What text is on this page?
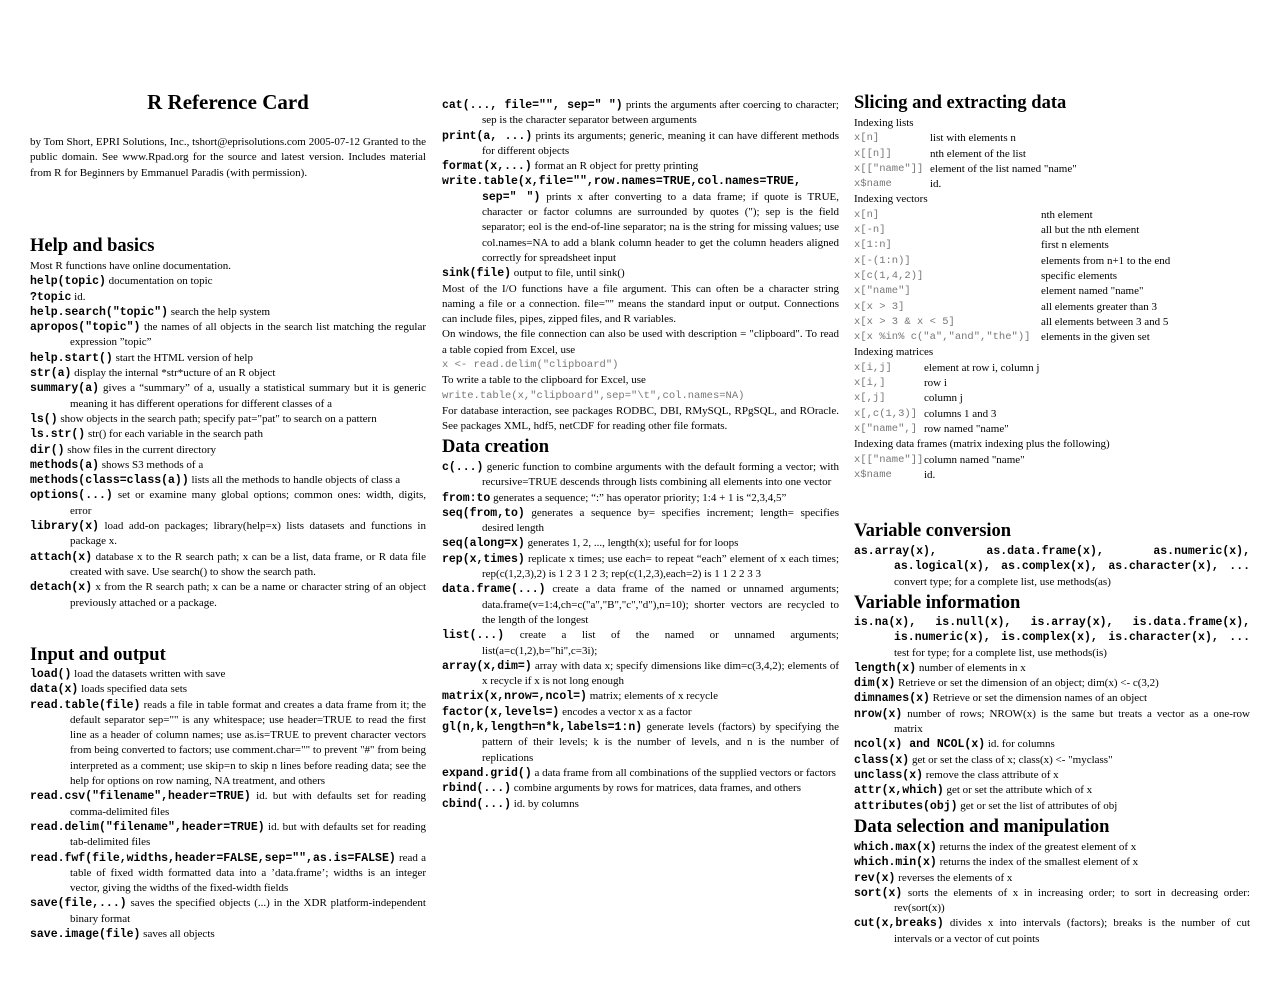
R Reference Card
by Tom Short, EPRI Solutions, Inc., tshort@eprisolutions.com 2005-07-12 Granted to the public domain. See www.Rpad.org for the source and latest version. Includes material from R for Beginners by Emmanuel Paradis (with permission).
Help and basics
Most R functions have online documentation.
help(topic) documentation on topic
?topic id.
help.search("topic") search the help system
apropos("topic") the names of all objects in the search list matching the regular expression ”topic”
help.start() start the HTML version of help
str(a) display the internal *str*ucture of an R object
summary(a) gives a “summary” of a, usually a statistical summary but it is generic meaning it has different operations for different classes of a
ls() show objects in the search path; specify pat="pat" to search on a pattern
ls.str() str() for each variable in the search path
dir() show files in the current directory
methods(a) shows S3 methods of a
methods(class=class(a)) lists all the methods to handle objects of class a
options(...) set or examine many global options; common ones: width, digits, error
library(x) load add-on packages; library(help=x) lists datasets and functions in package x.
attach(x) database x to the R search path; x can be a list, data frame, or R data file created with save. Use search() to show the search path.
detach(x) x from the R search path; x can be a name or character string of an object previously attached or a package.
Input and output
load() load the datasets written with save
data(x) loads specified data sets
read.table(file) reads a file in table format and creates a data frame from it; the default separator sep="" is any whitespace; use header=TRUE to read the first line as a header of column names; use as.is=TRUE to prevent character vectors from being converted to factors; use comment.char="" to prevent "#" from being interpreted as a comment; use skip=n to skip n lines before reading data; see the help for options on row naming, NA treatment, and others
read.csv("filename",header=TRUE) id. but with defaults set for reading comma-delimited files
read.delim("filename",header=TRUE) id. but with defaults set for reading tab-delimited files
read.fwf(file,widths,header=FALSE,sep="",as.is=FALSE) read a table of fixed width formatted data into a ’data.frame’; widths is an integer vector, giving the widths of the fixed-width fields
save(file,...) saves the specified objects (...) in the XDR platform-independent binary format
save.image(file) saves all objects
cat(..., file="", sep=" ") prints the arguments after coercing to character; sep is the character separator between arguments
print(a, ...) prints its arguments; generic, meaning it can have different methods for different objects
format(x,...) format an R object for pretty printing
write.table(x,file="",row.names=TRUE,col.names=TRUE, sep=" ") prints x after converting to a data frame; if quote is TRUE, character or factor columns are surrounded by quotes ("); sep is the field separator; eol is the end-of-line separator; na is the string for missing values; use col.names=NA to add a blank column header to get the column headers aligned correctly for spreadsheet input
sink(file) output to file, until sink()
Most of the I/O functions have a file argument. This can often be a character string naming a file or a connection. file="" means the standard input or output. Connections can include files, pipes, zipped files, and R variables.
On windows, the file connection can also be used with description = "clipboard". To read a table copied from Excel, use
x <- read.delim("clipboard")
To write a table to the clipboard for Excel, use
write.table(x,"clipboard",sep="\t",col.names=NA)
For database interaction, see packages RODBC, DBI, RMySQL, RPgSQL, and ROracle. See packages XML, hdf5, netCDF for reading other file formats.
Data creation
c(...) generic function to combine arguments with the default forming a vector; with recursive=TRUE descends through lists combining all elements into one vector
from:to generates a sequence; “:” has operator priority; 1:4 + 1 is “2,3,4,5”
seq(from,to) generates a sequence by= specifies increment; length= specifies desired length
seq(along=x) generates 1, 2, ..., length(x); useful for for loops
rep(x,times) replicate x times; use each= to repeat “each” element of x each times; rep(c(1,2,3),2) is 1 2 3 1 2 3; rep(c(1,2,3),each=2) is 1 1 2 2 3 3
data.frame(...) create a data frame of the named or unnamed arguments; data.frame(v=1:4,ch=c("a","B","c","d"),n=10); shorter vectors are recycled to the length of the longest
list(...) create a list of the named or unnamed arguments; list(a=c(1,2),b="hi",c=3i);
array(x,dim=) array with data x; specify dimensions like dim=c(3,4,2); elements of x recycle if x is not long enough
matrix(x,nrow=,ncol=) matrix; elements of x recycle
factor(x,levels=) encodes a vector x as a factor
gl(n,k,length=n*k,labels=1:n) generate levels (factors) by specifying the pattern of their levels; k is the number of levels, and n is the number of replications
expand.grid() a data frame from all combinations of the supplied vectors or factors
rbind(...) combine arguments by rows for matrices, data frames, and others
cbind(...) id. by columns
Slicing and extracting data
Indexing lists
x[n]	list with elements n
x[[n]]	nth element of the list
x[["name"]] element of the list named "name"
x$name	id.
Indexing vectors
x[n]	nth element
x[-n]	all but the nth element
x[1:n]	first n elements
x[-(1:n)]	elements from n+1 to the end
x[c(1,4,2)]	specific elements
x["name"]	element named "name"
x[x > 3]	all elements greater than 3
x[x > 3 & x < 5]	all elements between 3 and 5
x[x %in% c("a","and","the")] elements in the given set
Indexing matrices
x[i,j]	element at row i, column j
x[i,]	row i
x[,j]	column j
x[,c(1,3)] columns 1 and 3
x["name",] row named "name"
Indexing data frames (matrix indexing plus the following)
x[["name"]] column named "name"
x$name	id.
Variable conversion
as.array(x), as.data.frame(x), as.numeric(x), as.logical(x), as.complex(x), as.character(x), ... convert type; for a complete list, use methods(as)
Variable information
is.na(x), is.null(x), is.array(x), is.data.frame(x), is.numeric(x), is.complex(x), is.character(x), ... test for type; for a complete list, use methods(is)
length(x) number of elements in x
dim(x) Retrieve or set the dimension of an object; dim(x) <- c(3,2)
dimnames(x) Retrieve or set the dimension names of an object
nrow(x) number of rows; NROW(x) is the same but treats a vector as a one-row matrix
ncol(x) and NCOL(x) id. for columns
class(x) get or set the class of x; class(x) <- "myclass"
unclass(x) remove the class attribute of x
attr(x,which) get or set the attribute which of x
attributes(obj) get or set the list of attributes of obj
Data selection and manipulation
which.max(x) returns the index of the greatest element of x
which.min(x) returns the index of the smallest element of x
rev(x) reverses the elements of x
sort(x) sorts the elements of x in increasing order; to sort in decreasing order: rev(sort(x))
cut(x,breaks) divides x into intervals (factors); breaks is the number of cut intervals or a vector of cut points
